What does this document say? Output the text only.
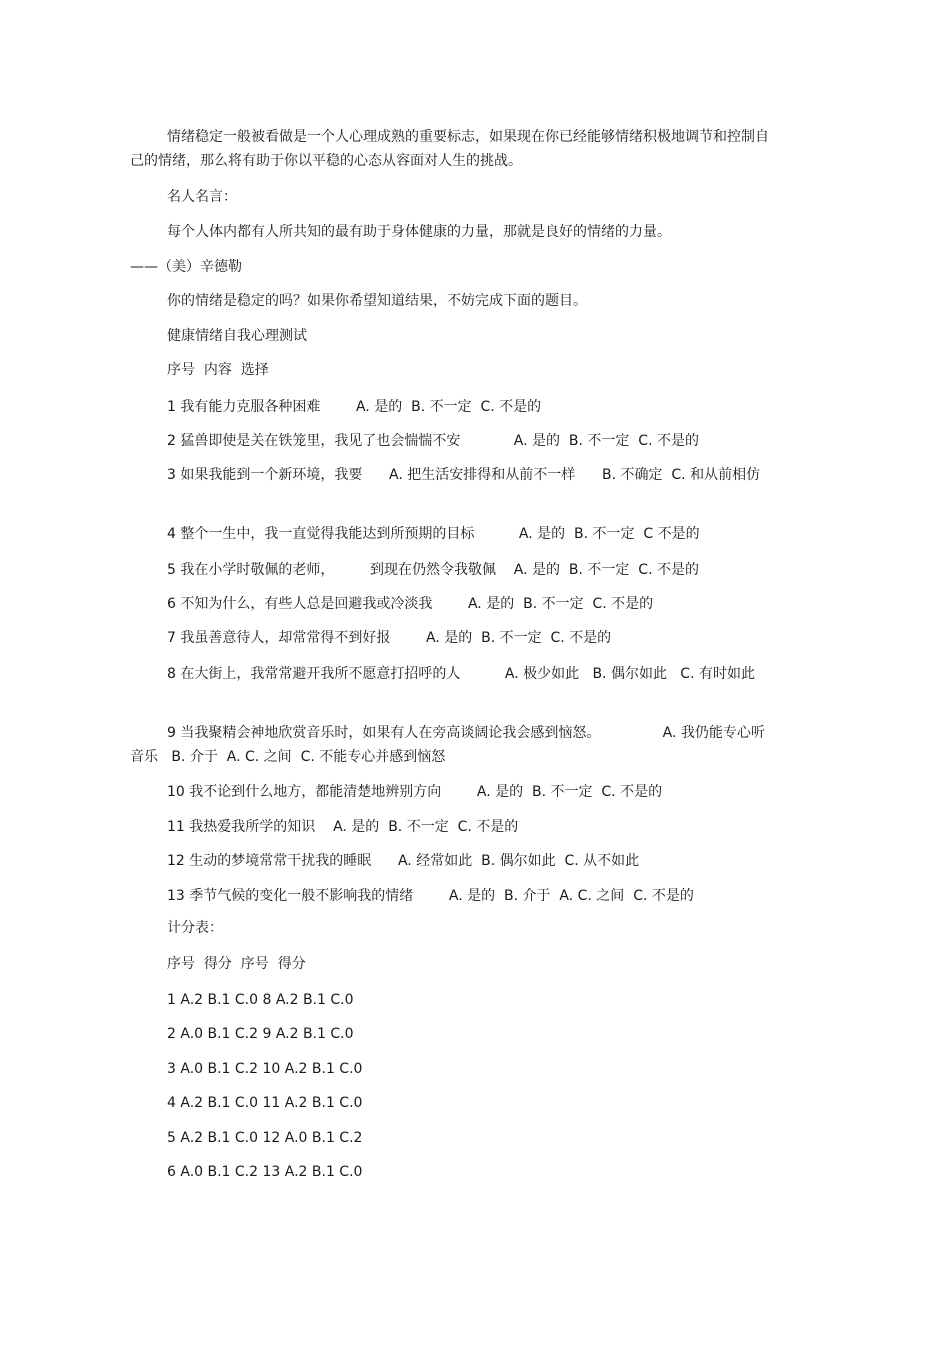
情绪稳定一般被看做是一个人心理成熟的重要标志，如果现在你已经能够情绪积极地调节和控制自己的情绪，那么将有助于你以平稳的心态从容面对人生的挑战。

名人名言：

每个人体内都有人所共知的最有助于身体健康的力量，那就是良好的情绪的力量。

——（美）辛德勒

你的情绪是稳定的吗？如果你希望知道结果，不妨完成下面的题目。

健康情绪自我心理测试

序号  内容  选择

1 我有能力克服各种困难        A. 是的  B. 不一定  C. 不是的

2 猛兽即使是关在铁笼里，我见了也会惴惴不安            A. 是的  B. 不一定  C. 不是的

3 如果我能到一个新环境，我要      A. 把生活安排得和从前不一样      B. 不确定  C. 和从前相仿

4 整个一生中，我一直觉得我能达到所预期的目标          A. 是的  B. 不一定  C 不是的

5 我在小学时敬佩的老师，        到现在仍然令我敬佩    A. 是的  B. 不一定  C. 不是的

6 不知为什么，有些人总是回避我或冷淡我        A. 是的  B. 不一定  C. 不是的

7 我虽善意待人，却常常得不到好报        A. 是的  B. 不一定  C. 不是的

8 在大街上，我常常避开我所不愿意打招呼的人          A. 极少如此   B. 偶尔如此   C. 有时如此

9 当我聚精会神地欣赏音乐时，如果有人在旁高谈阔论我会感到恼怒。              A. 我仍能专心听音乐   B. 介于  A. C. 之间  C. 不能专心并感到恼怒

10 我不论到什么地方，都能清楚地辨别方向        A. 是的  B. 不一定  C. 不是的

11 我热爱我所学的知识    A. 是的  B. 不一定  C. 不是的

12 生动的梦境常常干扰我的睡眠      A. 经常如此  B. 偶尔如此  C. 从不如此

13 季节气候的变化一般不影响我的情绪        A. 是的  B. 介于  A. C. 之间  C. 不是的

计分表：

序号  得分  序号  得分

1 A.2 B.1 C.0 8 A.2 B.1 C.0

2 A.0 B.1 C.2 9 A.2 B.1 C.0

3 A.0 B.1 C.2 10 A.2 B.1 C.0

4 A.2 B.1 C.0 11 A.2 B.1 C.0

5 A.2 B.1 C.0 12 A.0 B.1 C.2

6 A.0 B.1 C.2 13 A.2 B.1 C.0
